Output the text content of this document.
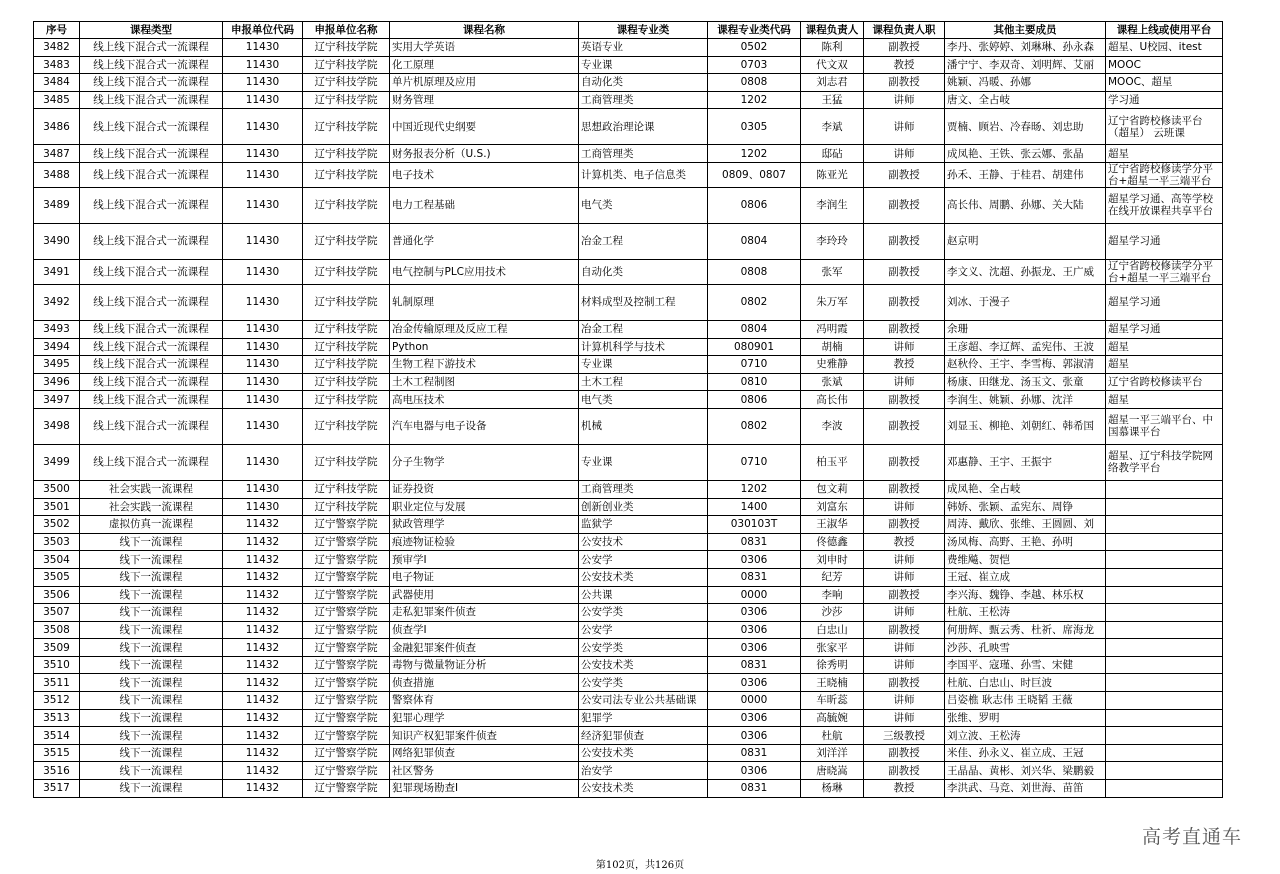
序号	课程类型	申报单位代码	申报单位名称	课程名称	课程专业类	课程专业类代码	课程负责人	课程负责人职	其他主要成员	课程上线或使用平台
3482	线上线下混合式一流课程	11430	辽宁科技学院	实用大学英语	英语专业	0502	陈利	副教授	李丹、张婷婷、刘琳琳、孙永森	超星、U校园、itest
3483	线上线下混合式一流课程	11430	辽宁科技学院	化工原理	专业课	0703	代文双	教授	潘宁宁、李双奇、刘明辉、艾丽	MOOC
3484	线上线下混合式一流课程	11430	辽宁科技学院	单片机原理及应用	自动化类	0808	刘志君	副教授	姚颖、冯暖、孙娜	MOOC、超星
3485	线上线下混合式一流课程	11430	辽宁科技学院	财务管理	工商管理类	1202	王猛	讲师	唐文、全占岐	学习通
3486	线上线下混合式一流课程	11430	辽宁科技学院	中国近现代史纲要	思想政治理论课	0305	李斌	讲师	贾楠、顾岩、冷春旸、刘忠助	辽宁省跨校修读平台（超星） 云班课
3487	线上线下混合式一流课程	11430	辽宁科技学院	财务报表分析（U.S.)	工商管理类	1202	邸砧	讲师	成凤艳、王铁、张云娜、张晶	超星
3488	线上线下混合式一流课程	11430	辽宁科技学院	电子技术	计算机类、电子信息类	0809、0807	陈亚光	副教授	孙禾、王静、于桂君、胡建伟	辽宁省跨校修读学分平台+超星一平三端平台
3489	线上线下混合式一流课程	11430	辽宁科技学院	电力工程基础	电气类	0806	李润生	副教授	高长伟、周鹏、孙娜、关大陆	超星学习通、高等学校在线开放课程共享平台
3490	线上线下混合式一流课程	11430	辽宁科技学院	普通化学	冶金工程	0804	李玲玲	副教授	赵京明	超星学习通
3491	线上线下混合式一流课程	11430	辽宁科技学院	电气控制与PLC应用技术	自动化类	0808	张军	副教授	李文义、沈超、孙振龙、王广威	辽宁省跨校修读学分平台+超星一平三端平台
3492	线上线下混合式一流课程	11430	辽宁科技学院	轧制原理	材料成型及控制工程	0802	朱万军	副教授	刘冰、于漫子	超星学习通
3493	线上线下混合式一流课程	11430	辽宁科技学院	冶金传输原理及反应工程	冶金工程	0804	冯明霞	副教授	余珊	超星学习通
3494	线上线下混合式一流课程	11430	辽宁科技学院	Python	计算机科学与技术	080901	胡楠	讲师	王彦超、李辽辉、孟宪伟、王波	超星
3495	线上线下混合式一流课程	11430	辽宁科技学院	生物工程下游技术	专业课	0710	史雅静	教授	赵秋伶、王宇、李雪梅、郭淑清	超星
3496	线上线下混合式一流课程	11430	辽宁科技学院	土木工程制图	土木工程	0810	张斌	讲师	杨康、田继龙、汤玉文、张童	辽宁省跨校修读平台
3497	线上线下混合式一流课程	11430	辽宁科技学院	高电压技术	电气类	0806	高长伟	副教授	李润生、姚颖、孙娜、沈洋	超星
3498	线上线下混合式一流课程	11430	辽宁科技学院	汽车电器与电子设备	机械	0802	李波	副教授	刘显玉、柳艳、刘朝红、韩希国	超星一平三端平台、中国慕课平台
3499	线上线下混合式一流课程	11430	辽宁科技学院	分子生物学	专业课	0710	柏玉平	副教授	邓惠静、王宇、王振宇	超星、辽宁科技学院网络教学平台
3500	社会实践一流课程	11430	辽宁科技学院	证券投资	工商管理类	1202	包文莉	副教授	成凤艳、全占岐	
3501	社会实践一流课程	11430	辽宁科技学院	职业定位与发展	创新创业类	1400	刘富东	讲师	韩娇、张颖、孟宪东、周铮	
3502	虚拟仿真一流课程	11432	辽宁警察学院	狱政管理学	监狱学	030103T	王淑华	副教授	周涛、戴欣、张维、王圆圆、刘	
3503	线下一流课程	11432	辽宁警察学院	痕迹物证检验	公安技术	0831	佟德鑫	教授	汤凤梅、高野、王艳、孙明	
3504	线下一流课程	11432	辽宁警察学院	预审学Ⅰ	公安学	0306	刘申时	讲师	费维飚、贺恺	
3505	线下一流课程	11432	辽宁警察学院	电子物证	公安技术类	0831	纪芳	讲师	王冠、崔立成	
3506	线下一流课程	11432	辽宁警察学院	武器使用	公共课	0000	李响	副教授	李兴海、魏铮、李越、林乐权	
3507	线下一流课程	11432	辽宁警察学院	走私犯罪案件侦查	公安学类	0306	沙莎	讲师	杜航、王松涛	
3508	线下一流课程	11432	辽宁警察学院	侦查学Ⅰ	公安学	0306	白忠山	副教授	何册辉、甄云秀、杜祈、席海龙	
3509	线下一流课程	11432	辽宁警察学院	金融犯罪案件侦查	公安学类	0306	张家平	讲师	沙莎、孔映雪	
3510	线下一流课程	11432	辽宁警察学院	毒物与微量物证分析	公安技术类	0831	徐秀明	讲师	李国平、寇瑾、孙雪、宋健	
3511	线下一流课程	11432	辽宁警察学院	侦查措施	公安学类	0306	王晓楠	副教授	杜航、白忠山、时巨波	
3512	线下一流课程	11432	辽宁警察学院	警察体育	公安司法专业公共基础课	0000	车昕蕊	讲师	吕姿樵 耿志伟 王晓韬 王薇	
3513	线下一流课程	11432	辽宁警察学院	犯罪心理学	犯罪学	0306	高毓婉	讲师	张维、罗明	
3514	线下一流课程	11432	辽宁警察学院	知识产权犯罪案件侦查	经济犯罪侦查	0306	杜航	三级教授	刘立波、王松涛	
3515	线下一流课程	11432	辽宁警察学院	网络犯罪侦查	公安技术类	0831	刘洋洋	副教授	米佳、孙永义、崔立成、王冠	
3516	线下一流课程	11432	辽宁警察学院	社区警务	治安学	0306	唐晓嵩	副教授	王晶晶、黄彬、刘兴华、梁鹏毅	
3517	线下一流课程	11432	辽宁警察学院	犯罪现场勘查Ⅰ	公安技术类	0831	杨琳	教授	李洪武、马竞、刘世海、苗笛	
第102页，共126页
高考直通车
